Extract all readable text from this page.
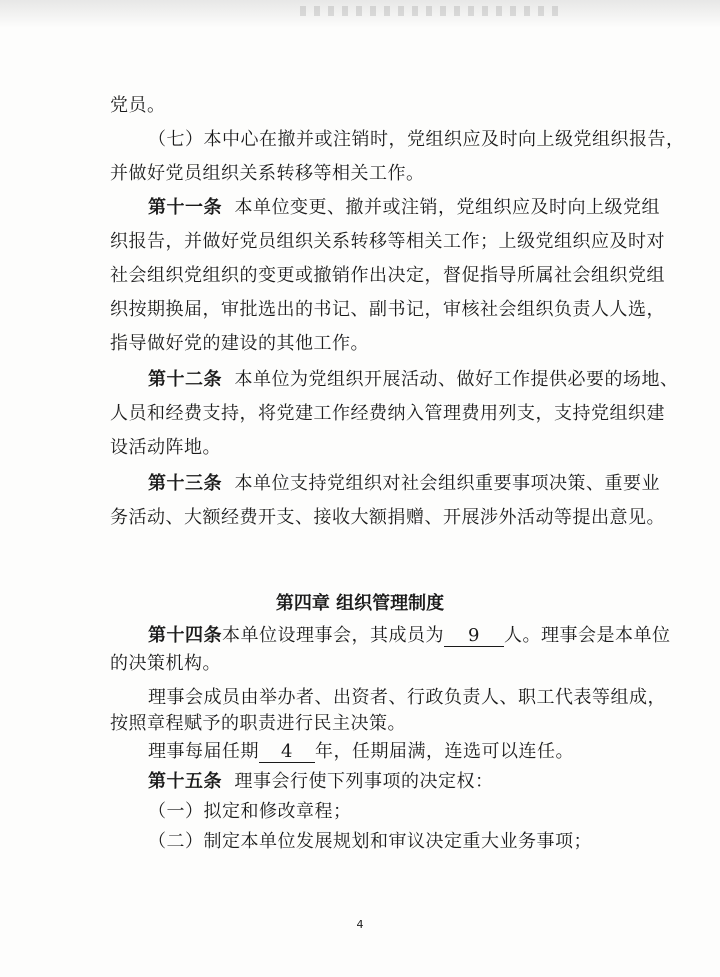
党员。
（七）本中心在撤并或注销时，党组织应及时向上级党组织报告，
并做好党员组织关系转移等相关工作。
第十一条 本单位变更、撤并或注销，党组织应及时向上级党组
织报告，并做好党员组织关系转移等相关工作；上级党组织应及时对
社会组织党组织的变更或撤销作出决定，督促指导所属社会组织党组
织按期换届，审批选出的书记、副书记，审核社会组织负责人人选，
指导做好党的建设的其他工作。
第十二条 本单位为党组织开展活动、做好工作提供必要的场地、
人员和经费支持，将党建工作经费纳入管理费用列支，支持党组织建
设活动阵地。
第十三条 本单位支持党组织对社会组织重要事项决策、重要业
务活动、大额经费开支、接收大额捐赠、开展涉外活动等提出意见。
第四章 组织管理制度
第十四条本单位设理事会，其成员为 9 人。理事会是本单位
的决策机构。
理事会成员由举办者、出资者、行政负责人、职工代表等组成，
按照章程赋予的职责进行民主决策。
理事每届任期 4 年，任期届满，连选可以连任。
第十五条 理事会行使下列事项的决定权：
（一）拟定和修改章程；
（二）制定本单位发展规划和审议决定重大业务事项；
4
